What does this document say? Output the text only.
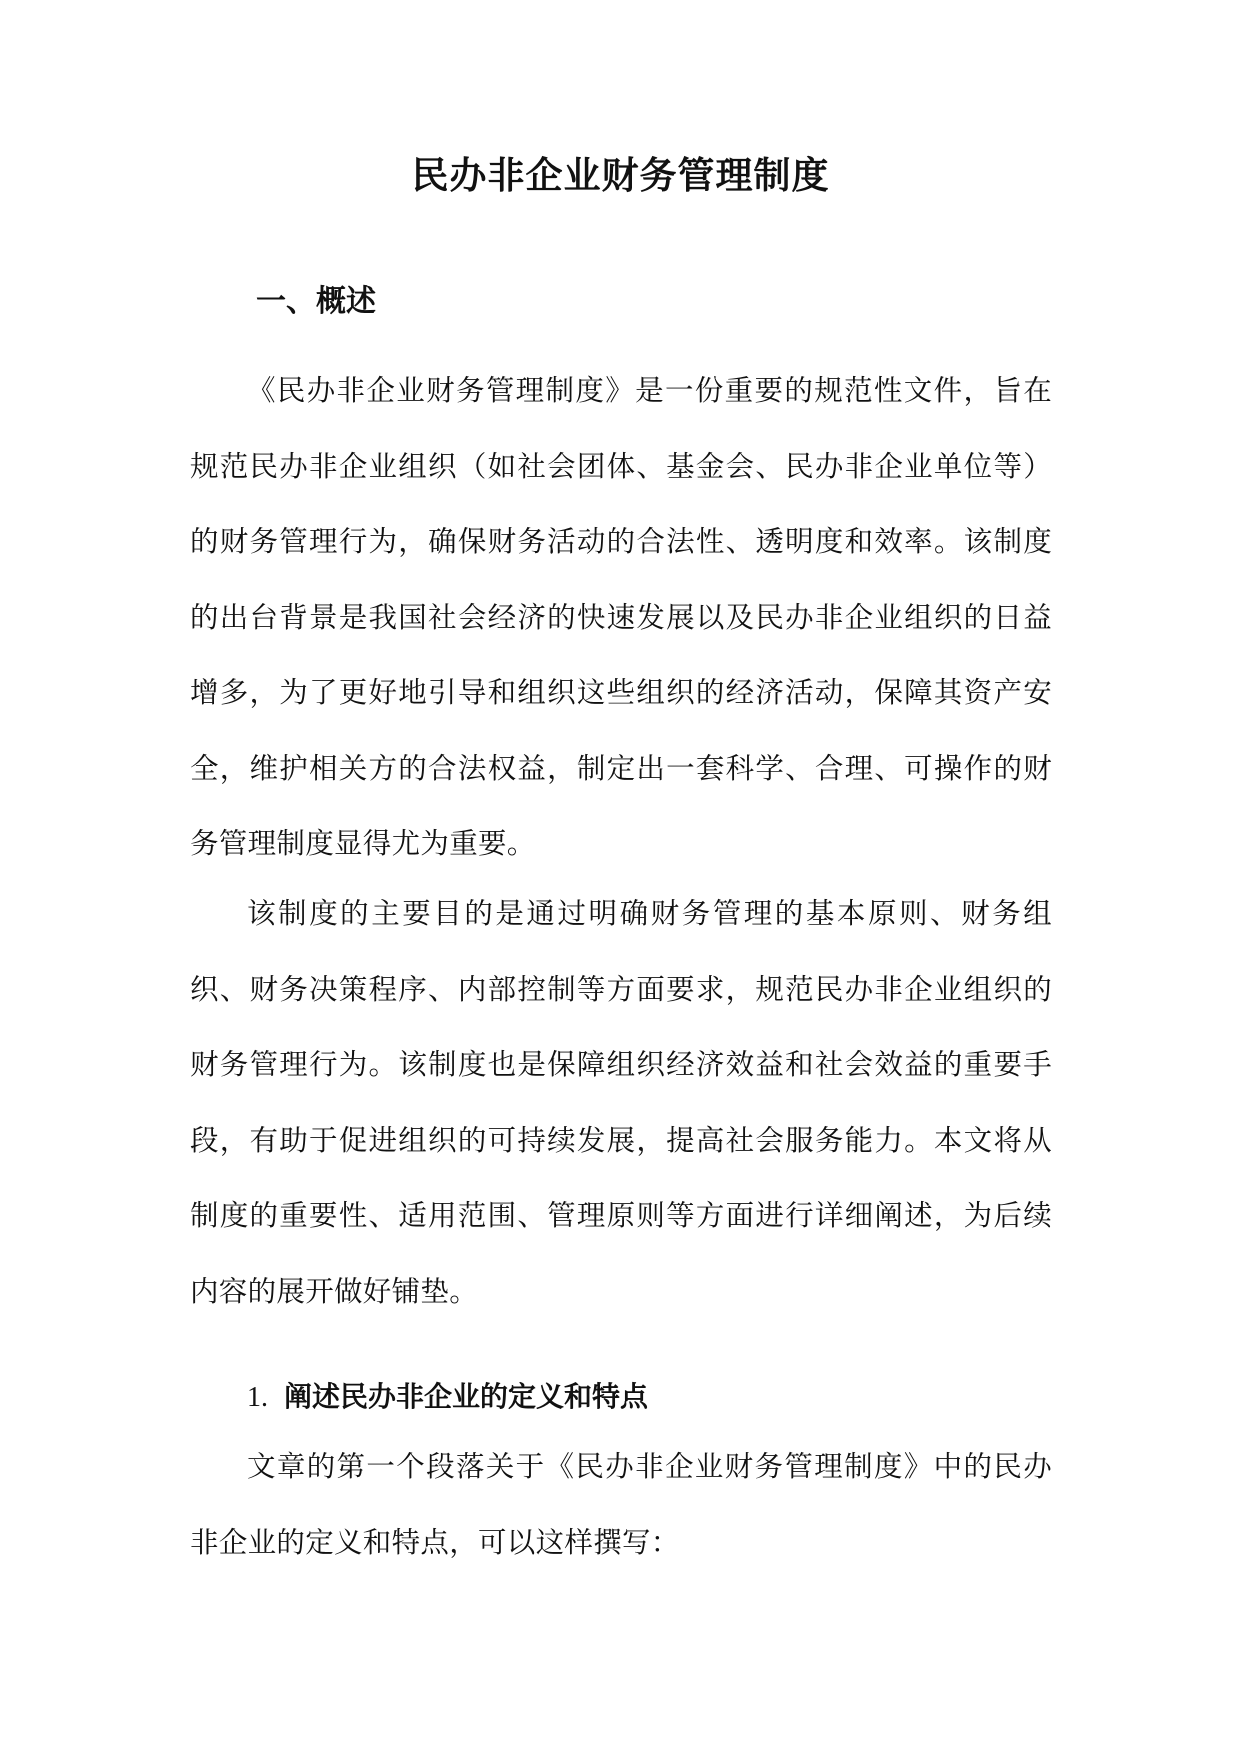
民办非企业财务管理制度
一、概述

《民办非企业财务管理制度》是一份重要的规范性文件，旨在规范民办非企业组织（如社会团体、基金会、民办非企业单位等）的财务管理行为，确保财务活动的合法性、透明度和效率。该制度的出台背景是我国社会经济的快速发展以及民办非企业组织的日益增多，为了更好地引导和组织这些组织的经济活动，保障其资产安全，维护相关方的合法权益，制定出一套科学、合理、可操作的财务管理制度显得尤为重要。

该制度的主要目的是通过明确财务管理的基本原则、财务组织、财务决策程序、内部控制等方面要求，规范民办非企业组织的财务管理行为。该制度也是保障组织经济效益和社会效益的重要手段，有助于促进组织的可持续发展，提高社会服务能力。本文将从制度的重要性、适用范围、管理原则等方面进行详细阐述，为后续内容的展开做好铺垫。

1. 阐述民办非企业的定义和特点

文章的第一个段落关于《民办非企业财务管理制度》中的民办非企业的定义和特点，可以这样撰写：
